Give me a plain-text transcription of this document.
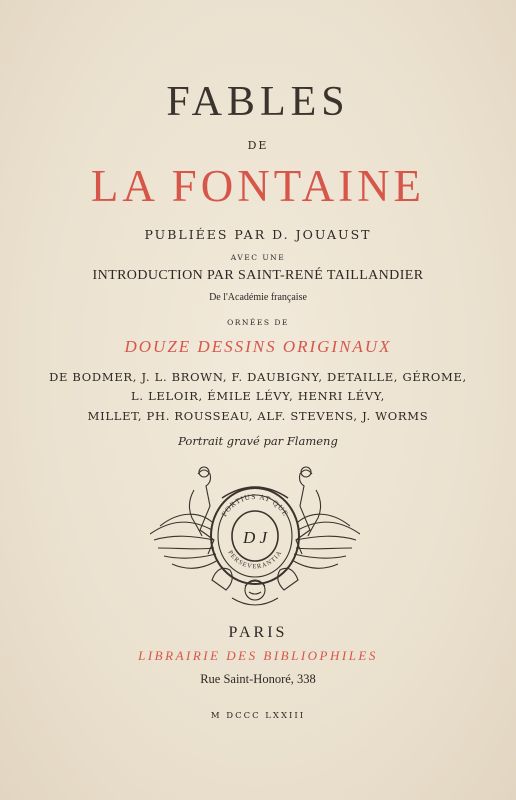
FABLES
DE
LA FONTAINE
PUBLIÉES PAR D. JOUAUST
AVEC UNE
INTRODUCTION PAR SAINT-RENÉ TAILLANDIER
De l'Académie française
ORNÉES DE
DOUZE DESSINS ORIGINAUX
DE BODMER, J. L. BROWN, F. DAUBIGNY, DETAILLE, GÉROME,
L. LELOIR, ÉMILE LÉVY, HENRI LÉVY,
MILLET, PH. ROUSSEAU, ALF. STEVENS, J. WORMS
Portrait gravé par Flameng
FORTIUS AT QUE
PERSEVERANTIA
D J
PARIS
LIBRAIRIE DES BIBLIOPHILES
Rue Saint-Honoré, 338
M DCCC LXXIII
